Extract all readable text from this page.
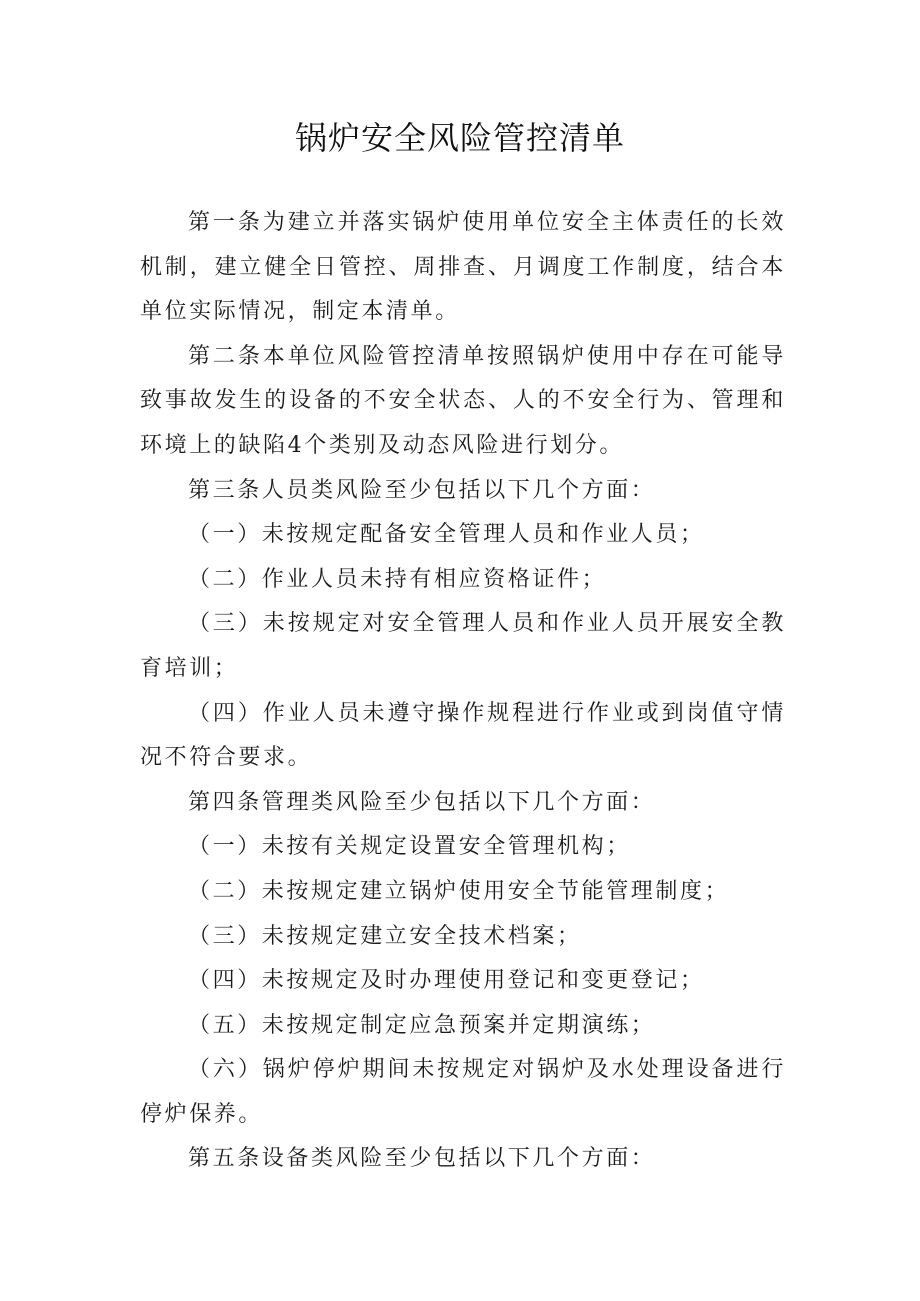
锅炉安全风险管控清单

第一条为建立并落实锅炉使用单位安全主体责任的长效机制，建立健全日管控、周排查、月调度工作制度，结合本单位实际情况，制定本清单。

第二条本单位风险管控清单按照锅炉使用中存在可能导致事故发生的设备的不安全状态、人的不安全行为、管理和环境上的缺陷4个类别及动态风险进行划分。

第三条人员类风险至少包括以下几个方面：

（一）未按规定配备安全管理人员和作业人员；

（二）作业人员未持有相应资格证件；

（三）未按规定对安全管理人员和作业人员开展安全教育培训；

（四）作业人员未遵守操作规程进行作业或到岗值守情况不符合要求。

第四条管理类风险至少包括以下几个方面：

（一）未按有关规定设置安全管理机构；

（二）未按规定建立锅炉使用安全节能管理制度；

（三）未按规定建立安全技术档案；

（四）未按规定及时办理使用登记和变更登记；

（五）未按规定制定应急预案并定期演练；

（六）锅炉停炉期间未按规定对锅炉及水处理设备进行停炉保养。

第五条设备类风险至少包括以下几个方面：
